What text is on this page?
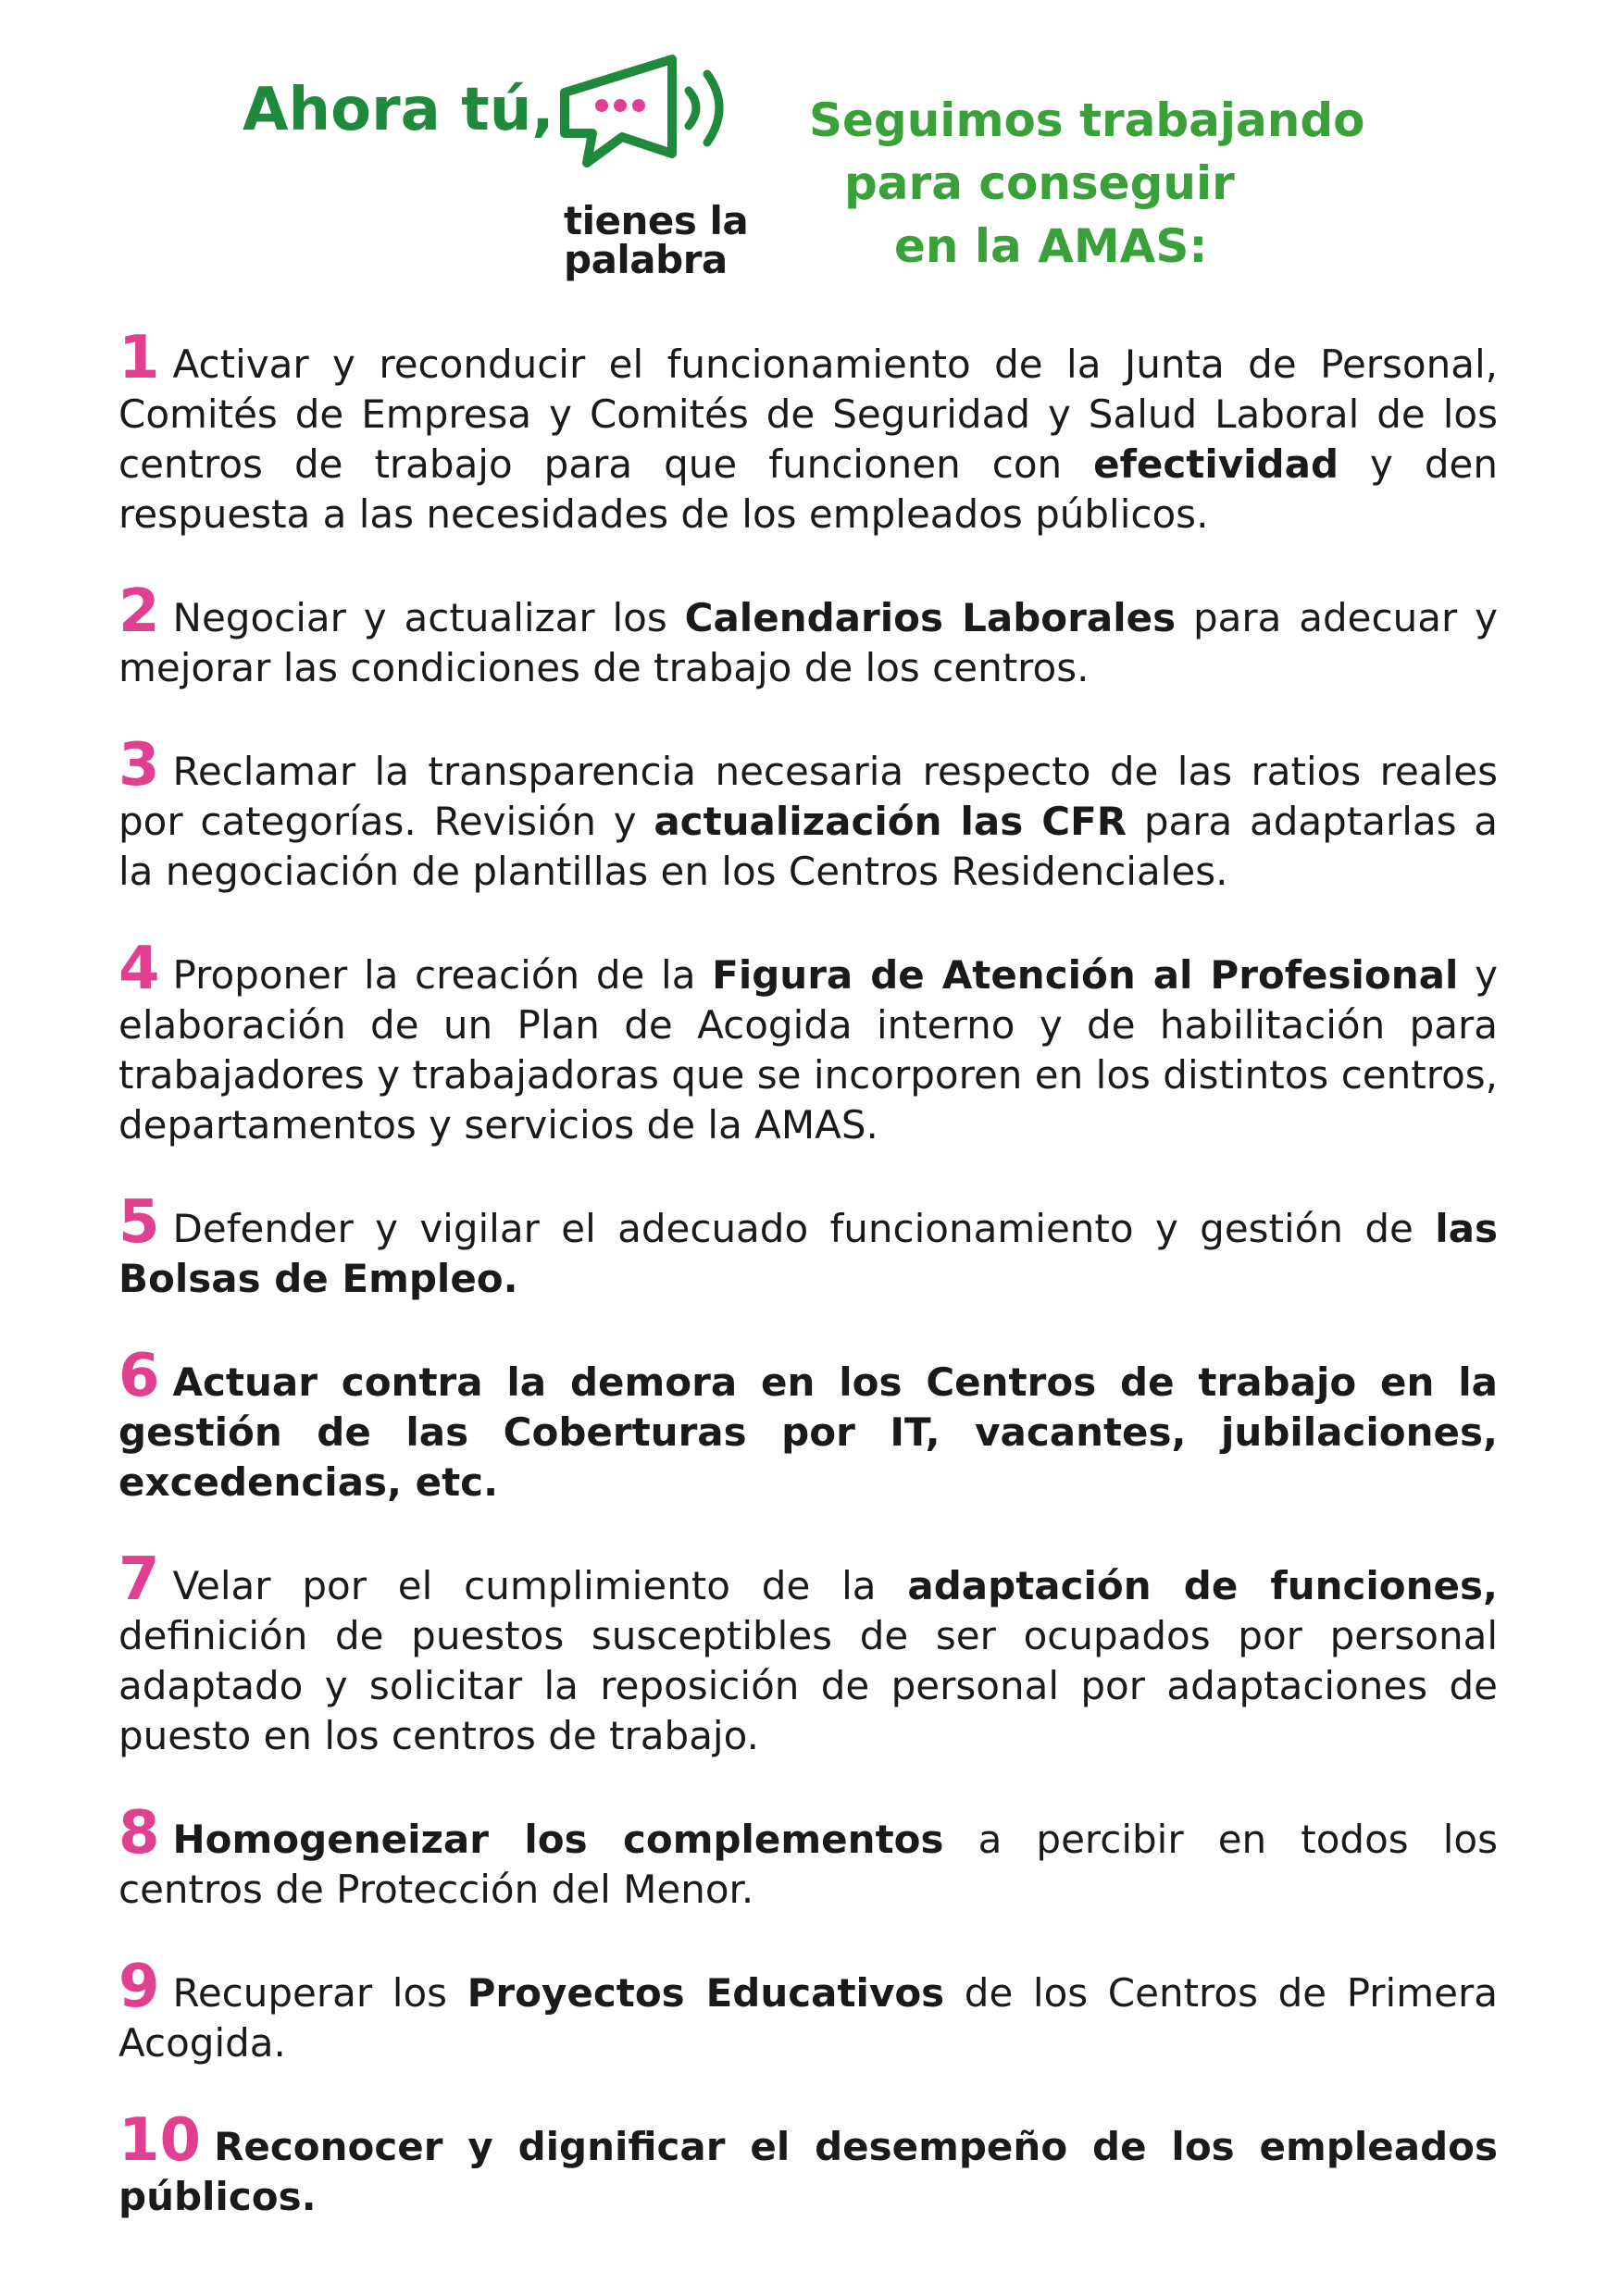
Ahora tú,
tienes la
palabra
Seguimos trabajando
para conseguir
en la AMAS:
1 Activar y reconducir el funcionamiento de la Junta de Personal, Comités de Empresa y Comités de Seguridad y Salud Laboral de los centros de trabajo para que funcionen con efectividad y den respuesta a las necesidades de los empleados públicos.
2 Negociar y actualizar los Calendarios Laborales para adecuar y mejorar las condiciones de trabajo de los centros.
3 Reclamar la transparencia necesaria respecto de las ratios reales por categorías. Revisión y actualización las CFR para adaptarlas a la negociación de plantillas en los Centros Residenciales.
4 Proponer la creación de la Figura de Atención al Profesional y elaboración de un Plan de Acogida interno y de habilitación para trabajadores y trabajadoras que se incorporen en los distintos centros, departamentos y servicios de la AMAS.
5 Defender y vigilar el adecuado funcionamiento y gestión de las Bolsas de Empleo.
6 Actuar contra la demora en los Centros de trabajo en la gestión de las Coberturas por IT, vacantes, jubilaciones, excedencias, etc.
7 Velar por el cumplimiento de la adaptación de funciones, definición de puestos susceptibles de ser ocupados por personal adaptado y solicitar la reposición de personal por adaptaciones de puesto en los centros de trabajo.
8 Homogeneizar los complementos a percibir en todos los centros de Protección del Menor.
9 Recuperar los Proyectos Educativos de los Centros de Primera Acogida.
10 Reconocer y dignificar el desempeño de los empleados públicos.
